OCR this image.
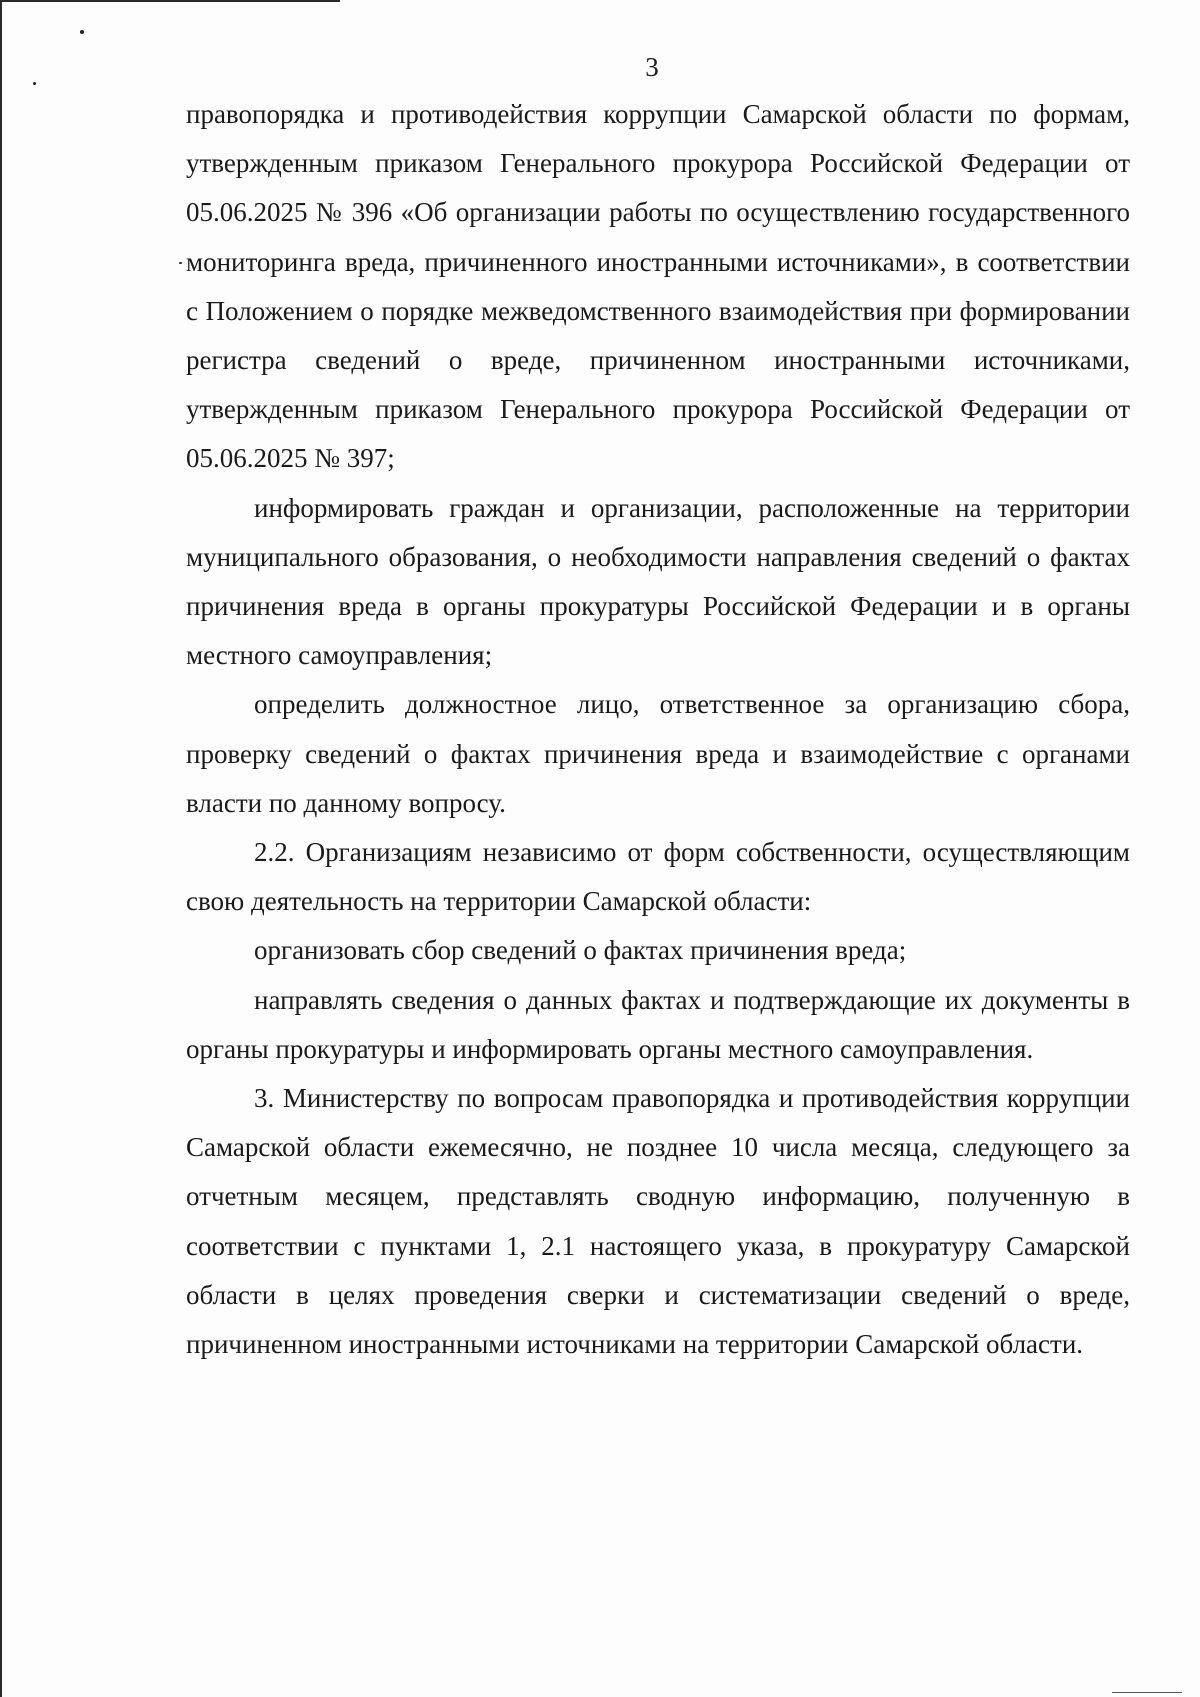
3

правопорядка и противодействия коррупции Самарской области по формам, утвержденным приказом Генерального прокурора Российской Федерации от 05.06.2025 № 396 «Об организации работы по осуществлению государственного мониторинга вреда, причиненного иностранными источниками», в соответствии с Положением о порядке межведомственного взаимодействия при формировании регистра сведений о вреде, причиненном иностранными источниками, утвержденным приказом Генерального прокурора Российской Федерации от 05.06.2025 № 397;

информировать граждан и организации, расположенные на территории муниципального образования, о необходимости направления сведений о фактах причинения вреда в органы прокуратуры Российской Федерации и в органы местного самоуправления;

определить должностное лицо, ответственное за организацию сбора, проверку сведений о фактах причинения вреда и взаимодействие с органами власти по данному вопросу.

2.2. Организациям независимо от форм собственности, осуществляющим свою деятельность на территории Самарской области:

организовать сбор сведений о фактах причинения вреда;

направлять сведения о данных фактах и подтверждающие их документы в органы прокуратуры и информировать органы местного самоуправления.

3. Министерству по вопросам правопорядка и противодействия коррупции Самарской области ежемесячно, не позднее 10 числа месяца, следующего за отчетным месяцем, представлять сводную информацию, полученную в соответствии с пунктами 1, 2.1 настоящего указа, в прокуратуру Самарской области в целях проведения сверки и систематизации сведений о вреде, причиненном иностранными источниками на территории Самарской области.
